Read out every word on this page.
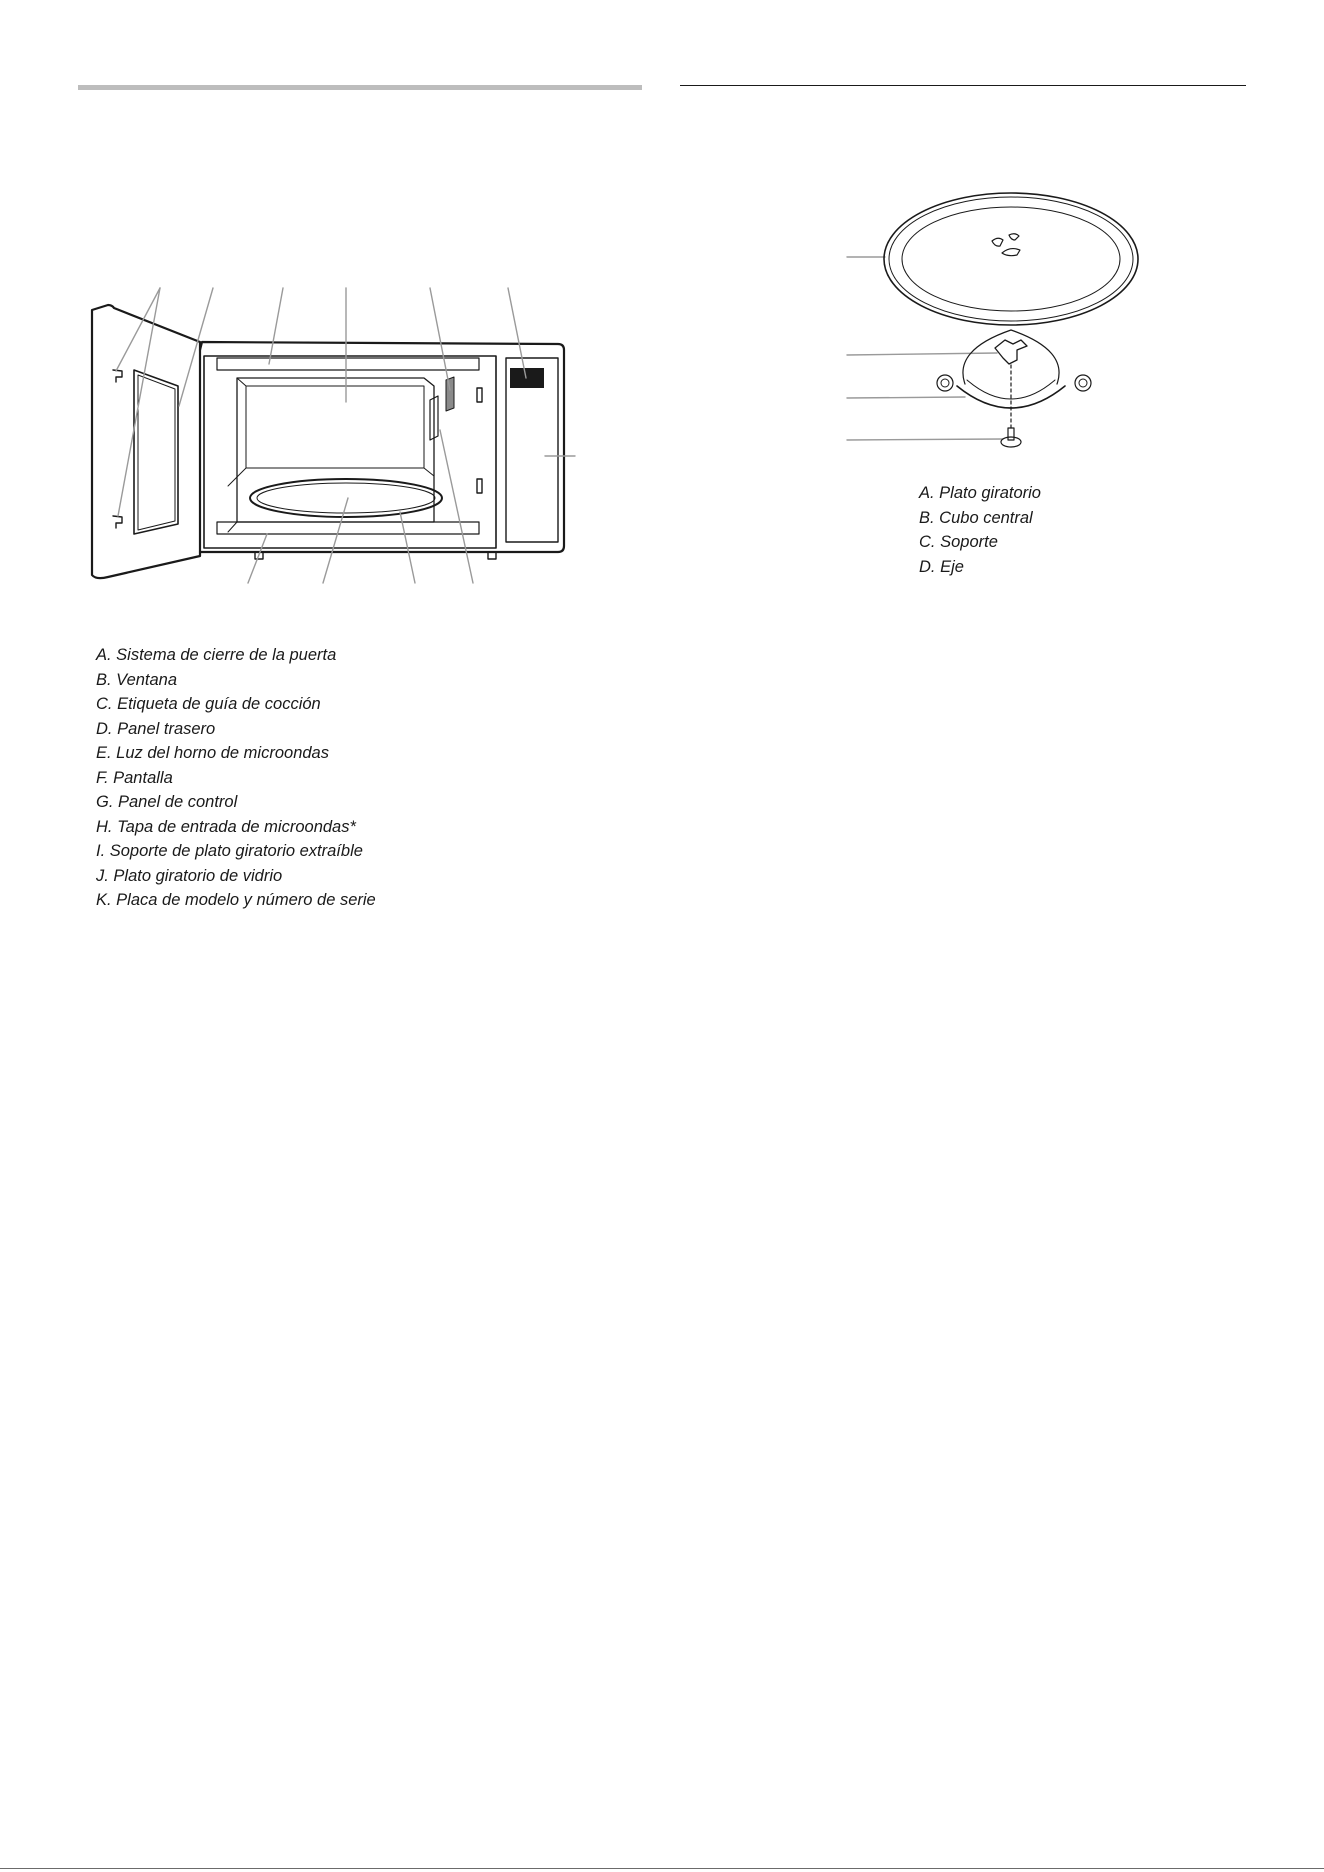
A. Sistema de cierre de la puerta
B. Ventana
C. Etiqueta de guía de cocción
D. Panel trasero
E. Luz del horno de microondas
F. Pantalla
G. Panel de control
H. Tapa de entrada de microondas*
I. Soporte de plato giratorio extraíble
J. Plato giratorio de vidrio
K. Placa de modelo y número de serie
A. Plato giratorio
B. Cubo central
C. Soporte
D. Eje
